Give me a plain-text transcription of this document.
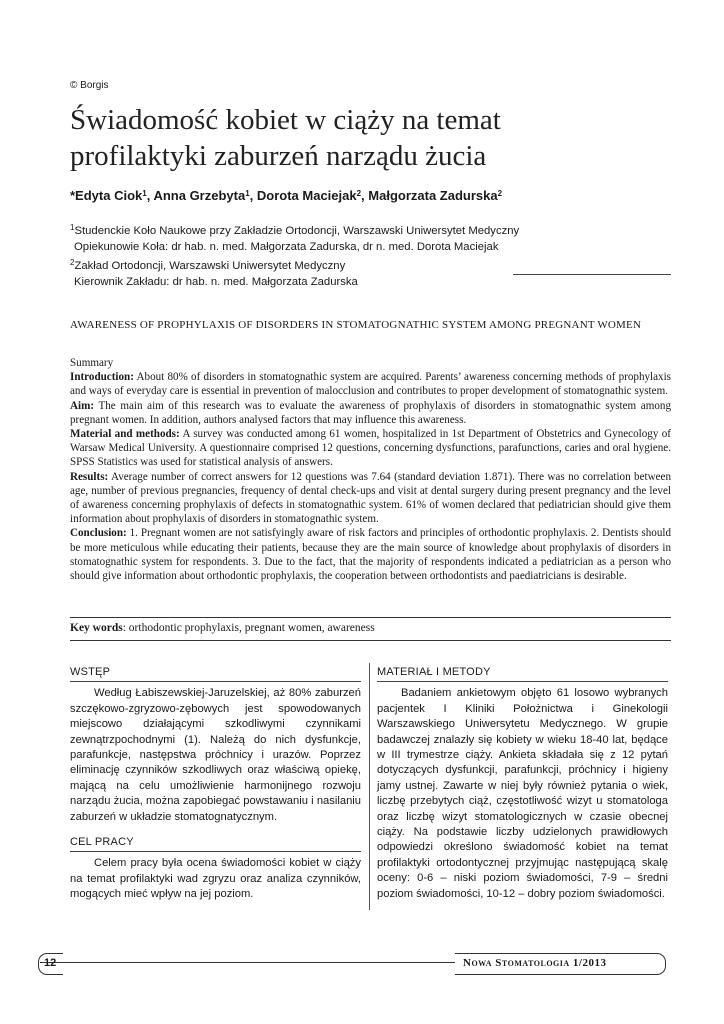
© Borgis
Świadomość kobiet w ciąży na temat
profilaktyki zaburzeń narządu żucia
*Edyta Ciok$^1$, Anna Grzebyta$^1$, Dorota Maciejak$^2$, Małgorzata Zadurska$^2$
$^1$Studenckie Koło Naukowe przy Zakładzie Ortodoncji, Warszawski Uniwersytet Medyczny
Opiekunowie Koła: dr hab. n. med. Małgorzata Zadurska, dr n. med. Dorota Maciejak
$^2$Zakład Ortodoncji, Warszawski Uniwersytet Medyczny
Kierownik Zakładu: dr hab. n. med. Małgorzata Zadurska
AWARENESS OF PROPHYLAXIS OF DISORDERS IN STOMATOGNATHIC SYSTEM AMONG PREGNANT WOMEN

Summary

Introduction: About 80% of disorders in stomatognathic system are acquired. Parents’ awareness concerning methods of prophylaxis and ways of everyday care is essential in prevention of malocclusion and contributes to proper development of stomatognathic system.

Aim: The main aim of this research was to evaluate the awareness of prophylaxis of disorders in stomatognathic system among pregnant women. In addition, authors analysed factors that may influence this awareness.

Material and methods: A survey was conducted among 61 women, hospitalized in 1st Department of Obstetrics and Gynecology of Warsaw Medical University. A questionnaire comprised 12 questions, concerning dysfunctions, parafunctions, caries and oral hygiene. SPSS Statistics was used for statistical analysis of answers.

Results: Average number of correct answers for 12 questions was 7.64 (standard deviation 1.871). There was no correlation between age, number of previous pregnancies, frequency of dental check-ups and visit at dental surgery during present pregnancy and the level of awareness concerning prophylaxis of defects in stomatognathic system. 61% of women declared that pediatrician should give them information about prophylaxis of disorders in stomatognathic system.

Conclusion: 1. Pregnant women are not satisfyingly aware of risk factors and principles of orthodontic prophylaxis. 2. Dentists should be more meticulous while educating their patients, because they are the main source of knowledge about prophylaxis of disorders in stomatognathic system for respondents. 3. Due to the fact, that the majority of respondents indicated a pediatrician as a person who should give information about orthodontic prophylaxis, the cooperation between orthodontists and paediatricians is desirable.

Key words: orthodontic prophylaxis, pregnant women, awareness
WSTĘP

Według Łabiszewskiej-Jaruzelskiej, aż 80% zaburzeń szczękowo-zgryzowo-zębowych jest spowodowanych miejscowo działającymi szkodliwymi czynnikami zewnątrzpochodnymi (1). Należą do nich dysfunkcje, parafunkcje, następstwa próchnicy i urazów. Poprzez eliminację czynników szkodliwych oraz właściwą opiekę, mającą na celu umożliwienie harmonijnego rozwoju narządu żucia, można zapobiegać powstawaniu i nasilaniu zaburzeń w układzie stomatognatycznym.

CEL PRACY

Celem pracy była ocena świadomości kobiet w ciąży na temat profilaktyki wad zgryzu oraz analiza czynników, mogących mieć wpływ na jej poziom.

MATERIAŁ I METODY

Badaniem ankietowym objęto 61 losowo wybranych pacjentek I Kliniki Położnictwa i Ginekologii Warszawskiego Uniwersytetu Medycznego. W grupie badawczej znalazły się kobiety w wieku 18-40 lat, będące w III trymestrze ciąży. Ankieta składała się z 12 pytań dotyczących dysfunkcji, parafunkcji, próchnicy i higieny jamy ustnej. Zawarte w niej były również pytania o wiek, liczbę przebytych ciąż, częstotliwość wizyt u stomatologa oraz liczbę wizyt stomatologicznych w czasie obecnej ciąży. Na podstawie liczby udzielonych prawidłowych odpowiedzi określono świadomość kobiet na temat profilaktyki ortodontycznej przyjmując następującą skalę oceny: 0-6 – niski poziom świadomości, 7-9 – średni poziom świadomości, 10-12 – dobry poziom świadomości.

12	Nowa Stomatologia 1/2013
